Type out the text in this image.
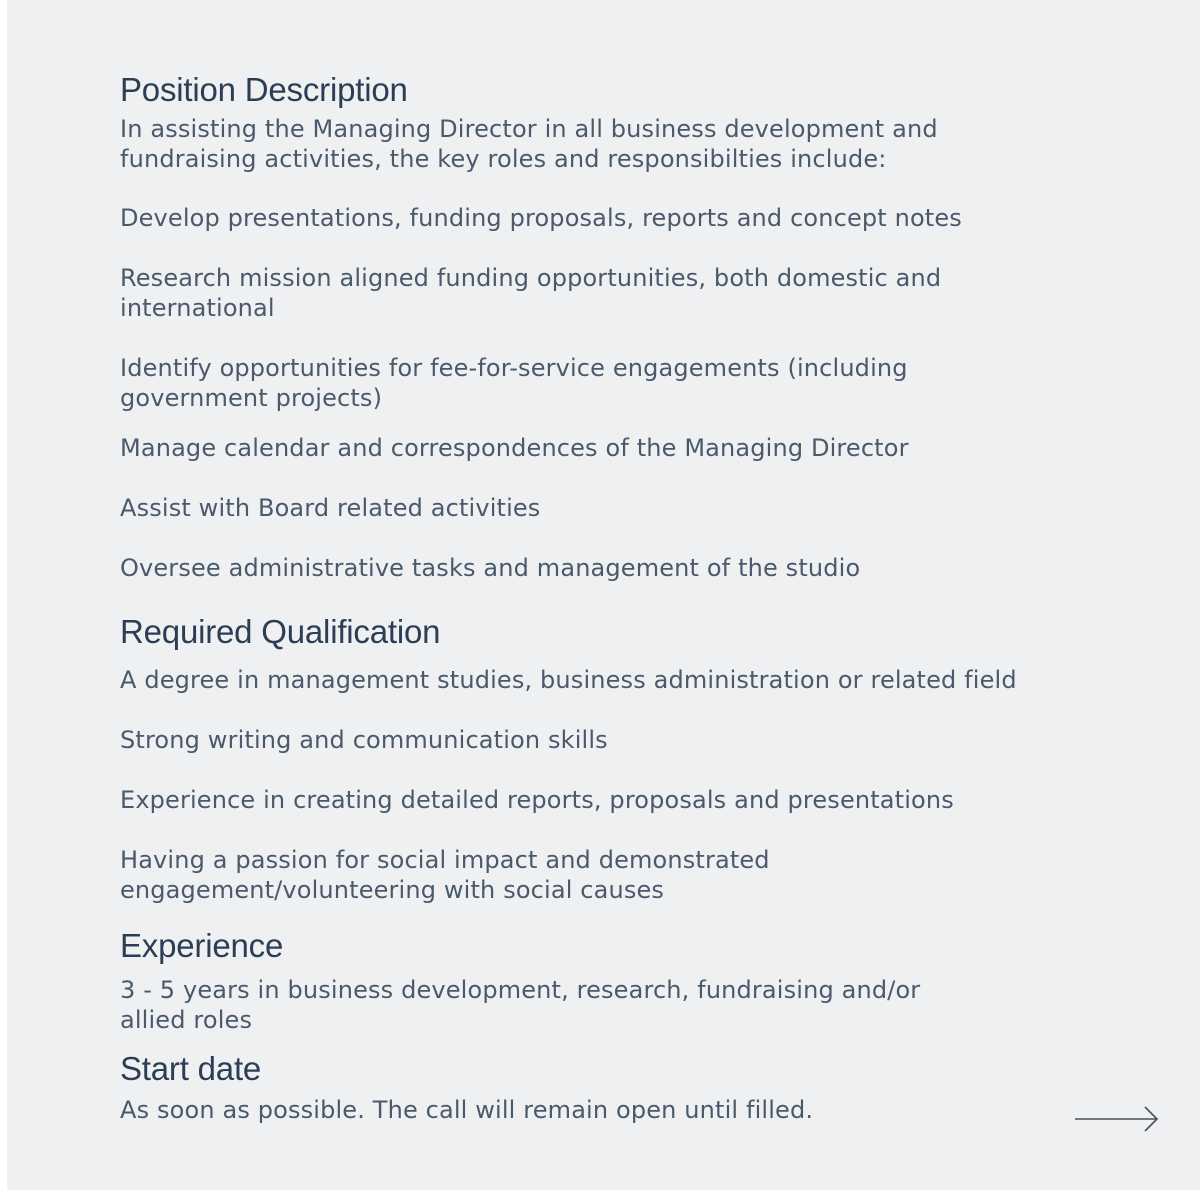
Position Description

In assisting the Managing Director in all business development and
fundraising activities, the key roles and responsibilties include:

Develop presentations, funding proposals, reports and concept notes

Research mission aligned funding opportunities, both domestic and
international

Identify opportunities for fee-for-service engagements (including
government projects)

Manage calendar and correspondences of the Managing Director

Assist with Board related activities

Oversee administrative tasks and management of the studio

Required Qualification

A degree in management studies, business administration or related field

Strong writing and communication skills

Experience in creating detailed reports, proposals and presentations

Having a passion for social impact and demonstrated
engagement/volunteering with social causes

Experience

3 - 5 years in business development, research, fundraising and/or
allied roles

Start date

As soon as possible. The call will remain open until filled.
